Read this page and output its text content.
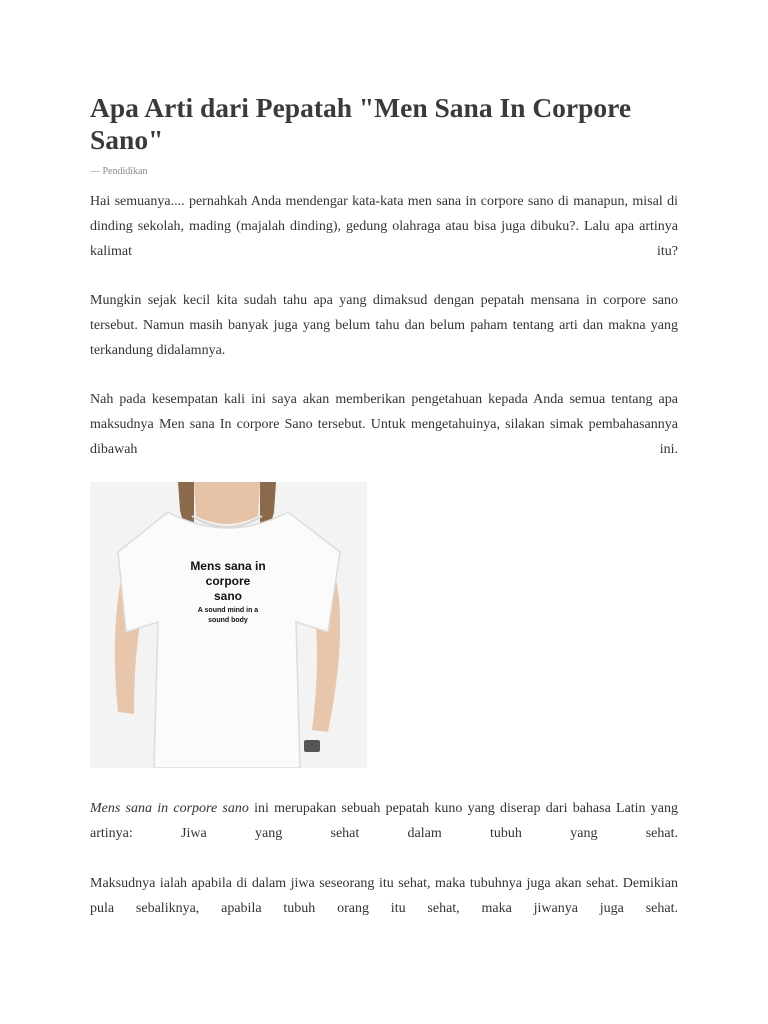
Apa Arti dari Pepatah "Men Sana In Corpore Sano"
— Pendidikan

Hai semuanya.... pernahkah Anda mendengar kata-kata men sana in corpore sano di manapun, misal di dinding sekolah, mading (majalah dinding), gedung olahraga atau bisa juga dibuku?. Lalu apa artinya kalimat itu?

Mungkin sejak kecil kita sudah tahu apa yang dimaksud dengan pepatah mensana in corpore sano tersebut. Namun masih banyak juga yang belum tahu dan belum paham tentang arti dan makna yang terkandung didalamnya.

Nah pada kesempatan kali ini saya akan memberikan pengetahuan kepada Anda semua tentang apa maksudnya Men sana In corpore Sano tersebut. Untuk mengetahuinya, silakan simak pembahasannya dibawah ini.

Mens sana in
corpore
sano
A sound mind in a
sound body

Mens sana in corpore sano ini merupakan sebuah pepatah kuno yang diserap dari bahasa Latin yang artinya: Jiwa yang sehat dalam tubuh yang sehat.

Maksudnya ialah apabila di dalam jiwa seseorang itu sehat, maka tubuhnya juga akan sehat. Demikian pula sebaliknya, apabila tubuh orang itu sehat, maka jiwanya juga sehat.
